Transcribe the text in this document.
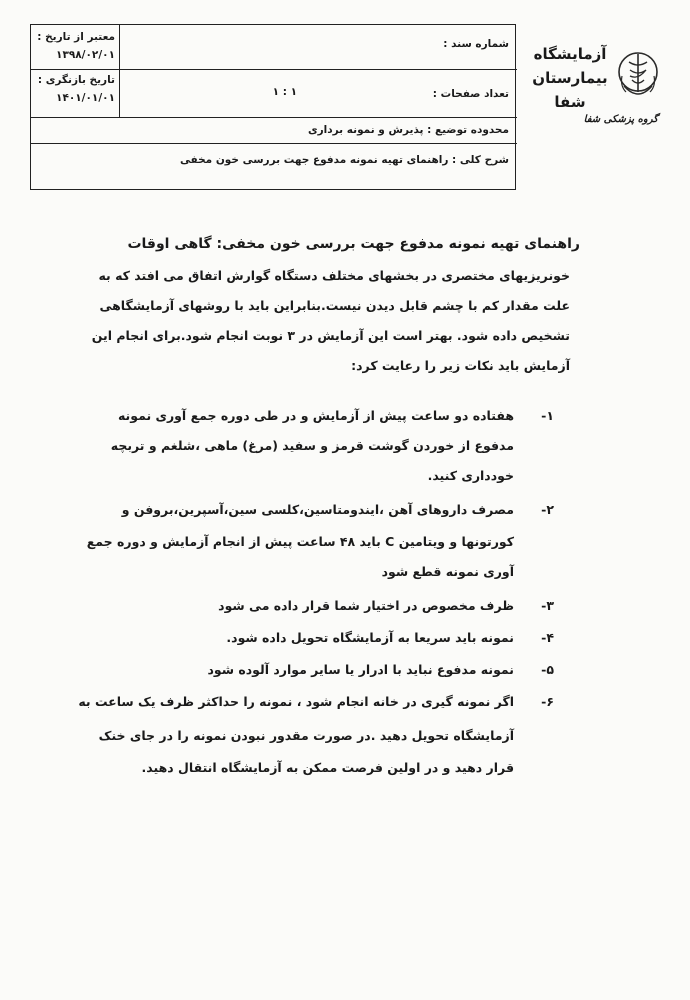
شماره سند :
معتبر از تاریخ :
۱۳۹۸/۰۲/۰۱
تعداد صفحات :
۱ : ۱
تاریخ بازنگری :
۱۴۰۱/۰۱/۰۱
محدوده توضیع : پذیرش و نمونه برداری
شرح کلی : راهنمای تهیه نمونه مدفوع جهت بررسی خون مخفی
آزمایشگاه
بیمارستان
شفا
گروه پزشکی شفا
راهنمای تهیه نمونه مدفوع جهت بررسی خون مخفی: گاهی اوقات
خونریزیهای مختصری در بخشهای مختلف دستگاه گوارش اتفاق می افتد که به
علت مقدار کم با چشم قابل دیدن نیست.بنابراین باید با روشهای آزمایشگاهی
تشخیص داده شود. بهتر است این آزمایش در ۳ نوبت انجام شود.برای انجام این
آزمایش باید نکات زیر را رعایت کرد:
۱-
هفتاده دو ساعت پیش از آزمایش و در طی دوره جمع آوری نمونه
مدفوع از خوردن گوشت قرمز و سفید (مرغ) ماهی ،شلغم و تربچه
خودداری کنید.
۲-
مصرف داروهای آهن ،ایندومتاسین،کلسی سین،آسپرین،بروفن و
کورتونها و ویتامین C باید ۴۸ ساعت پیش از انجام آزمایش و دوره جمع
آوری نمونه قطع شود
۳-
ظرف مخصوص در اختیار شما قرار داده می شود
۴-
نمونه باید سریعا به آزمایشگاه تحویل داده شود.
۵-
نمونه مدفوع نباید با ادرار یا سایر موارد آلوده شود
۶-
اگر نمونه گیری در خانه انجام شود ، نمونه را حداکثر ظرف یک ساعت به
آزمایشگاه تحویل دهید .در صورت مقدور نبودن نمونه را در جای خنک
قرار دهید و در اولین فرصت ممکن به آزمایشگاه انتقال دهید.
